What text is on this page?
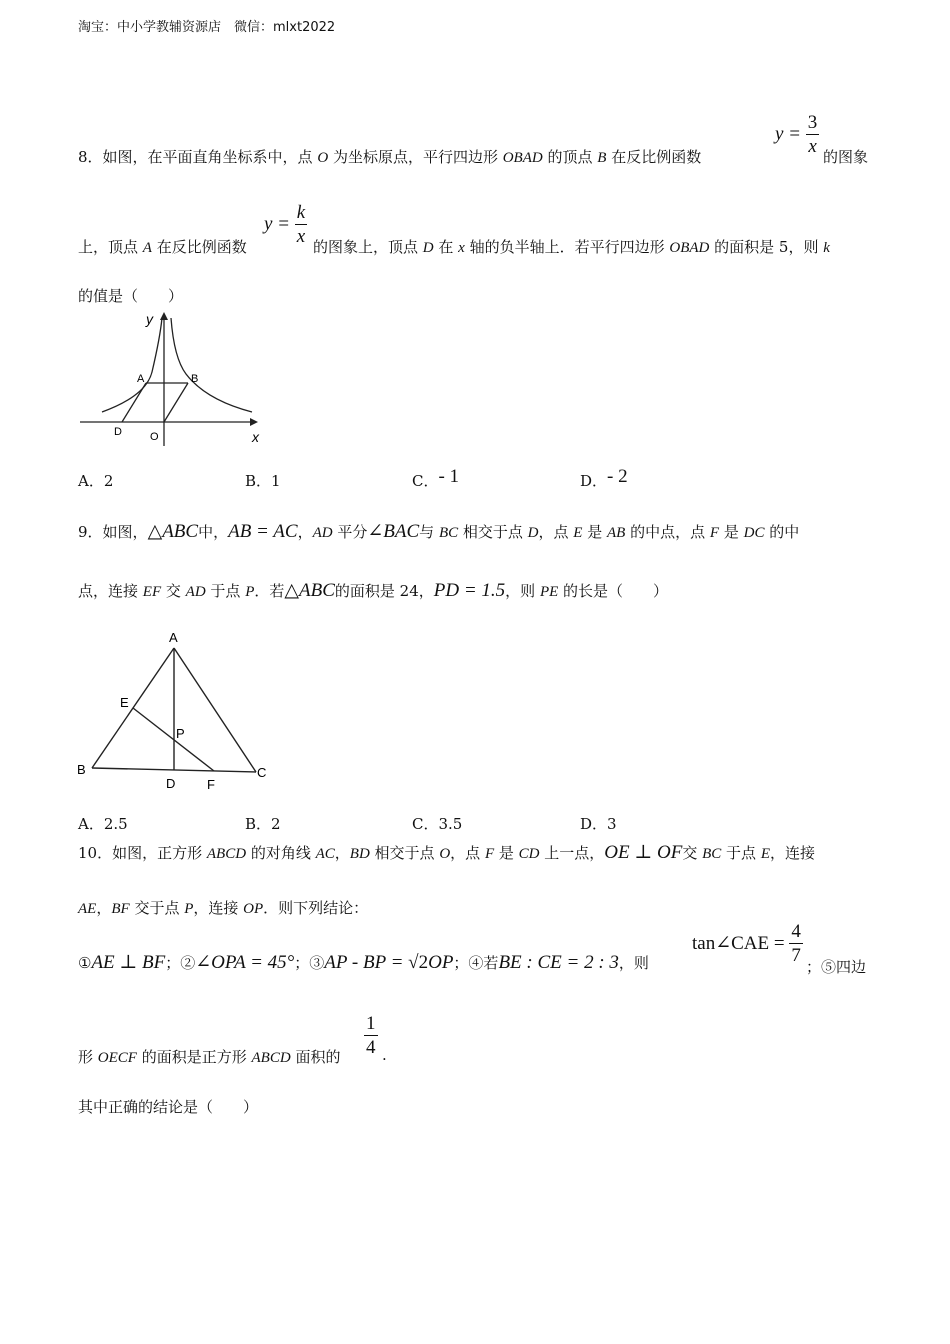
淘宝：中小学教辅资源店　微信：mlxt2022
8．如图，在平面直角坐标系中，点 O 为坐标原点，平行四边形 OBAD 的顶点 B 在反比例函数
$y = \frac{3}{x}$
的图象
上，顶点 A 在反比例函数
$y = \frac{k}{x}$
的图象上，顶点 D 在 x 轴的负半轴上．若平行四边形 OBAD 的面积是 5，则 k
的值是（　　）
y
x
A	B
D	O
A．2	B．1	C．- 1	D．- 2
9．如图，△ABC中，AB = AC，AD 平分∠BAC与 BC 相交于点 D，点 E 是 AB 的中点，点 F 是 DC 的中
点，连接 EF 交 AD 于点 P．若△ABC的面积是 24，PD = 1.5，则 PE 的长是（　　）
A
B	C
D
E
F
P
A．2.5	B．2	C．3.5	D．3
10．如图，正方形 ABCD 的对角线 AC，BD 相交于点 O，点 F 是 CD 上一点，OE ⊥ OF交 BC 于点 E，连接
AE，BF 交于点 P，连接 OP．则下列结论：
①AE ⊥ BF；②∠OPA = 45°；③AP - BP = √2OP；④若BE : CE = 2 : 3，则
tan∠CAE = $\frac{4}{7}$
；⑤四边
形 OECF 的面积是正方形 ABCD 面积的 $\frac{1}{4}$ .
其中正确的结论是（　　）
